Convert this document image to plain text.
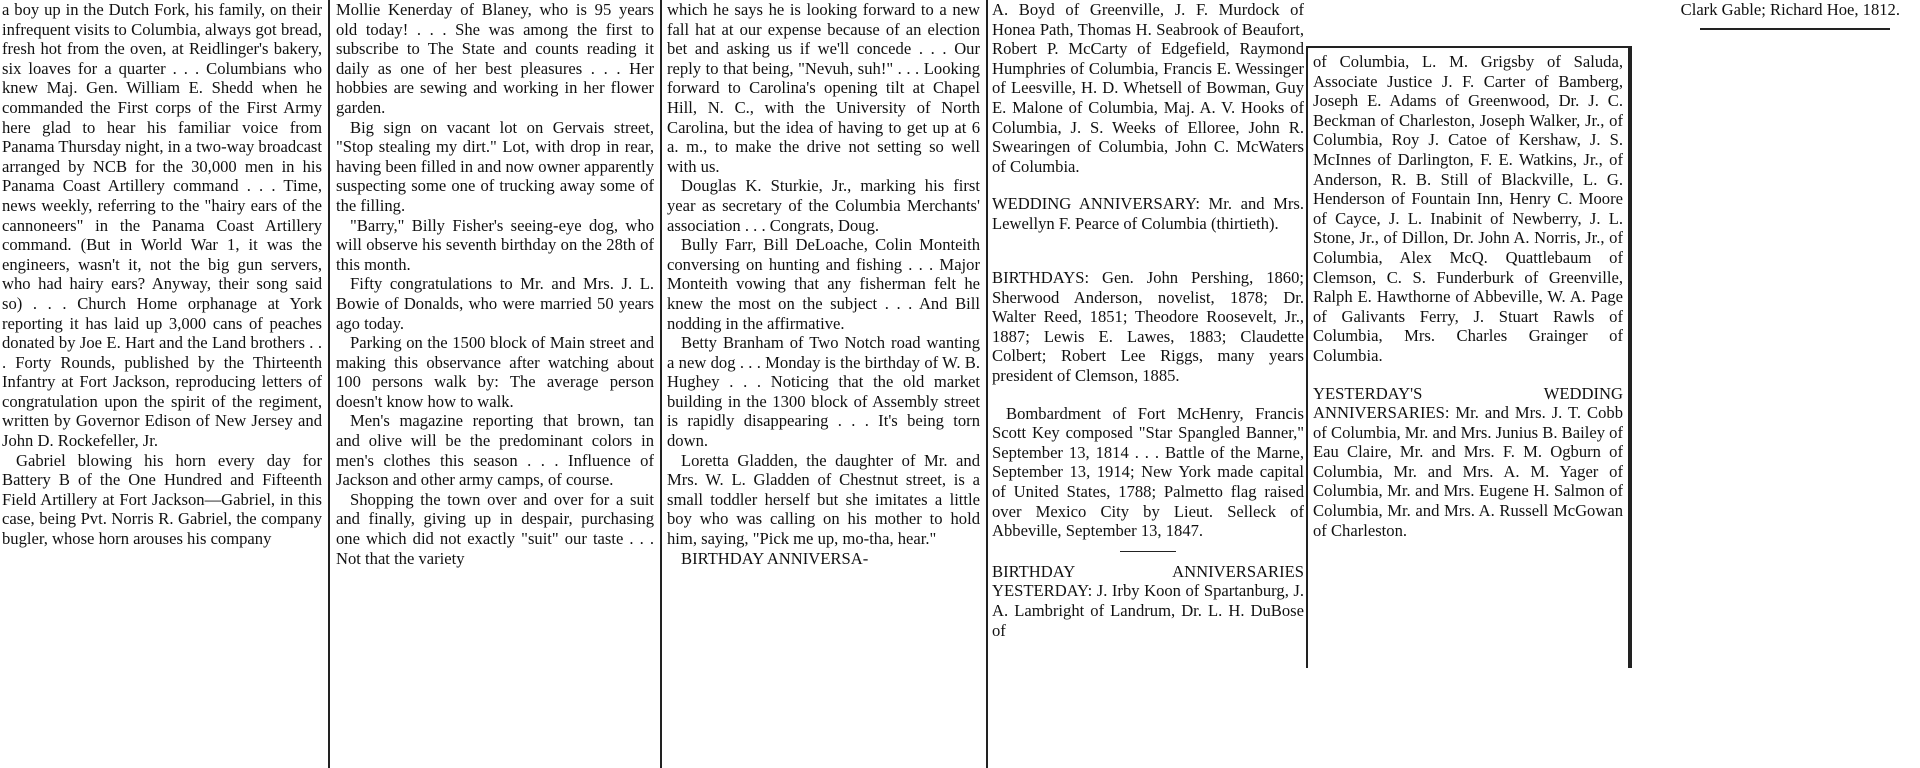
a boy up in the Dutch Fork, his family, on their infrequent visits to Columbia, always got bread, fresh hot from the oven, at Reidlinger's bakery, six loaves for a quarter . . . Columbians who knew Maj. Gen. William E. Shedd when he commanded the First corps of the First Army here glad to hear his familiar voice from Panama Thursday night, in a two-way broadcast arranged by NCB for the 30,000 men in his Panama Coast Artillery command . . . Time, news weekly, referring to the "hairy ears of the cannoneers" in the Panama Coast Artillery command. (But in World War 1, it was the engineers, wasn't it, not the big gun servers, who had hairy ears? Anyway, their song said so) . . . Church Home orphanage at York reporting it has laid up 3,000 cans of peaches donated by Joe E. Hart and the Land brothers . . . Forty Rounds, published by the Thirteenth Infantry at Fort Jackson, reproducing letters of congratulation upon the spirit of the regiment, written by Governor Edison of New Jersey and John D. Rockefeller, Jr.

Gabriel blowing his horn every day for Battery B of the One Hundred and Fifteenth Field Artillery at Fort Jackson—Gabriel, in this case, being Pvt. Norris R. Gabriel, the company bugler, whose horn arouses his company

Mollie Kenerday of Blaney, who is 95 years old today! . . . She was among the first to subscribe to The State and counts reading it daily as one of her best pleasures . . . Her hobbies are sewing and working in her flower garden.

Big sign on vacant lot on Gervais street, "Stop stealing my dirt." Lot, with drop in rear, having been filled in and now owner apparently suspecting some one of trucking away some of the filling.

"Barry," Billy Fisher's seeing-eye dog, who will observe his seventh birthday on the 28th of this month.

Fifty congratulations to Mr. and Mrs. J. L. Bowie of Donalds, who were married 50 years ago today.

Parking on the 1500 block of Main street and making this observance after watching about 100 persons walk by: The average person doesn't know how to walk.

Men's magazine reporting that brown, tan and olive will be the predominant colors in men's clothes this season . . . Influence of Jackson and other army camps, of course.

Shopping the town over and over for a suit and finally, giving up in despair, purchasing one which did not exactly "suit" our taste . . . Not that the variety

which he says he is looking forward to a new fall hat at our expense because of an election bet and asking us if we'll concede . . . Our reply to that being, "Nevuh, suh!" . . . Looking forward to Carolina's opening tilt at Chapel Hill, N. C., with the University of North Carolina, but the idea of having to get up at 6 a. m., to make the drive not setting so well with us.

Douglas K. Sturkie, Jr., marking his first year as secretary of the Columbia Merchants' association . . . Congrats, Doug.

Bully Farr, Bill DeLoache, Colin Monteith conversing on hunting and fishing . . . Major Monteith vowing that any fisherman felt he knew the most on the subject . . . And Bill nodding in the affirmative.

Betty Branham of Two Notch road wanting a new dog . . . Monday is the birthday of W. B. Hughey . . . Noticing that the old market building in the 1300 block of Assembly street is rapidly disappearing . . . It's being torn down.

Loretta Gladden, the daughter of Mr. and Mrs. W. L. Gladden of Chestnut street, is a small toddler herself but she imitates a little boy who was calling on his mother to hold him, saying, "Pick me up, mo-tha, hear."

BIRTHDAY ANNIVERSA-

A. Boyd of Greenville, J. F. Murdock of Honea Path, Thomas H. Seabrook of Beaufort, Robert P. McCarty of Edgefield, Raymond Humphries of Columbia, Francis E. Wessinger of Leesville, H. D. Whetsell of Bowman, Guy E. Malone of Columbia, Maj. A. V. Hooks of Columbia, J. S. Weeks of Elloree, John R. Swearingen of Columbia, John C. McWaters of Columbia.

WEDDING ANNIVERSARY: Mr. and Mrs. Lewellyn F. Pearce of Columbia (thirtieth).

BIRTHDAYS: Gen. John Pershing, 1860; Sherwood Anderson, novelist, 1878; Dr. Walter Reed, 1851; Theodore Roosevelt, Jr., 1887; Lewis E. Lawes, 1883; Claudette Colbert; Robert Lee Riggs, many years president of Clemson, 1885.

Bombardment of Fort McHenry, Francis Scott Key composed "Star Spangled Banner," September 13, 1814 . . . Battle of the Marne, September 13, 1914; New York made capital of United States, 1788; Palmetto flag raised over Mexico City by Lieut. Selleck of Abbeville, September 13, 1847.

BIRTHDAY ANNIVERSARIES YESTERDAY: J. Irby Koon of Spartanburg, J. A. Lambright of Landrum, Dr. L. H. DuBose of

of Columbia, L. M. Grigsby of Saluda, Associate Justice J. F. Carter of Bamberg, Joseph E. Adams of Greenwood, Dr. J. C. Beckman of Charleston, Joseph Walker, Jr., of Columbia, Roy J. Catoe of Kershaw, J. S. McInnes of Darlington, F. E. Watkins, Jr., of Anderson, R. B. Still of Blackville, L. G. Henderson of Fountain Inn, Henry C. Moore of Cayce, J. L. Inabinit of Newberry, J. L. Stone, Jr., of Dillon, Dr. John A. Norris, Jr., of Columbia, Alex McQ. Quattlebaum of Clemson, C. S. Funderburk of Greenville, Ralph E. Hawthorne of Abbeville, W. A. Page of Galivants Ferry, J. Stuart Rawls of Columbia, Mrs. Charles Grainger of Columbia.

YESTERDAY'S WEDDING ANNIVERSARIES: Mr. and Mrs. J. T. Cobb of Columbia, Mr. and Mrs. Junius B. Bailey of Eau Claire, Mr. and Mrs. F. M. Ogburn of Columbia, Mr. and Mrs. A. M. Yager of Columbia, Mr. and Mrs. Eugene H. Salmon of Columbia, Mr. and Mrs. A. Russell McGowan of Charleston.

Clark Gable; Richard Hoe, 1812.
